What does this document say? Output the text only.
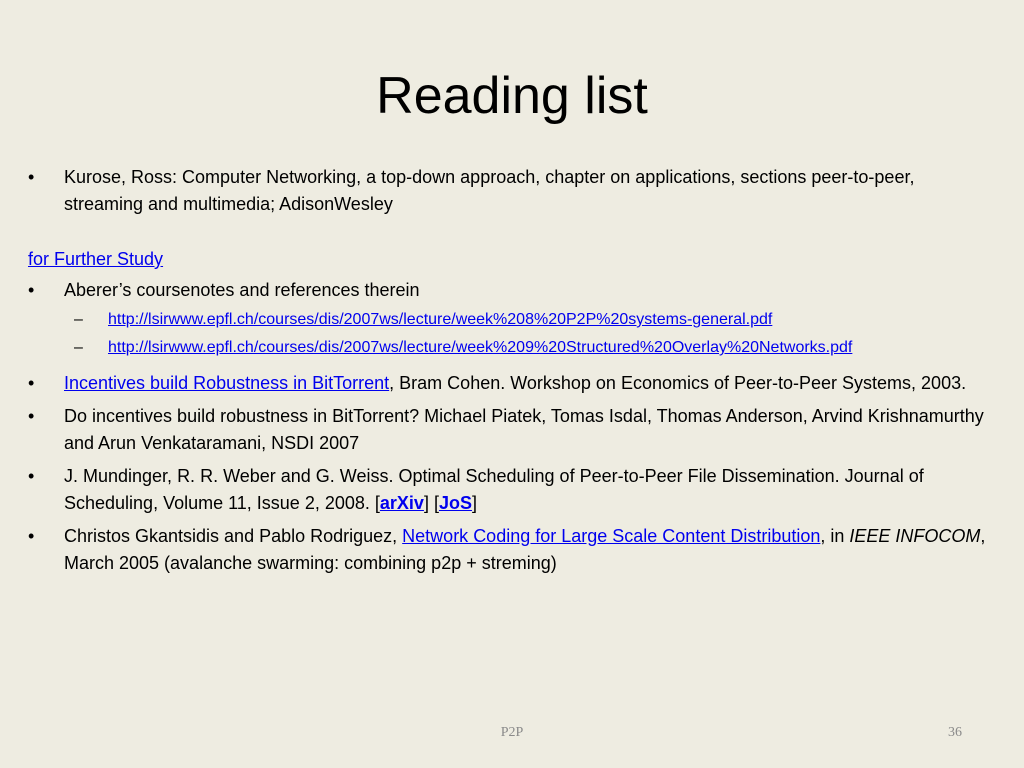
Reading list
• Kurose, Ross: Computer Networking, a top-down approach, chapter on applications, sections peer-to-peer, streaming and multimedia; AdisonWesley
for Further Study
• Aberer’s coursenotes and references therein
– http://lsirwww.epfl.ch/courses/dis/2007ws/lecture/week%208%20P2P%20systems-general.pdf
– http://lsirwww.epfl.ch/courses/dis/2007ws/lecture/week%209%20Structured%20Overlay%20Networks.pdf
• Incentives build Robustness in BitTorrent, Bram Cohen. Workshop on Economics of Peer-to-Peer Systems, 2003.
• Do incentives build robustness in BitTorrent? Michael Piatek, Tomas Isdal, Thomas Anderson, Arvind Krishnamurthy and Arun Venkataramani, NSDI 2007
• J. Mundinger, R. R. Weber and G. Weiss. Optimal Scheduling of Peer-to-Peer File Dissemination. Journal of Scheduling, Volume 11, Issue 2, 2008. [arXiv] [JoS]
• Christos Gkantsidis and Pablo Rodriguez, Network Coding for Large Scale Content Distribution, in IEEE INFOCOM, March 2005 (avalanche swarming: combining p2p + streming)
P2P	36
